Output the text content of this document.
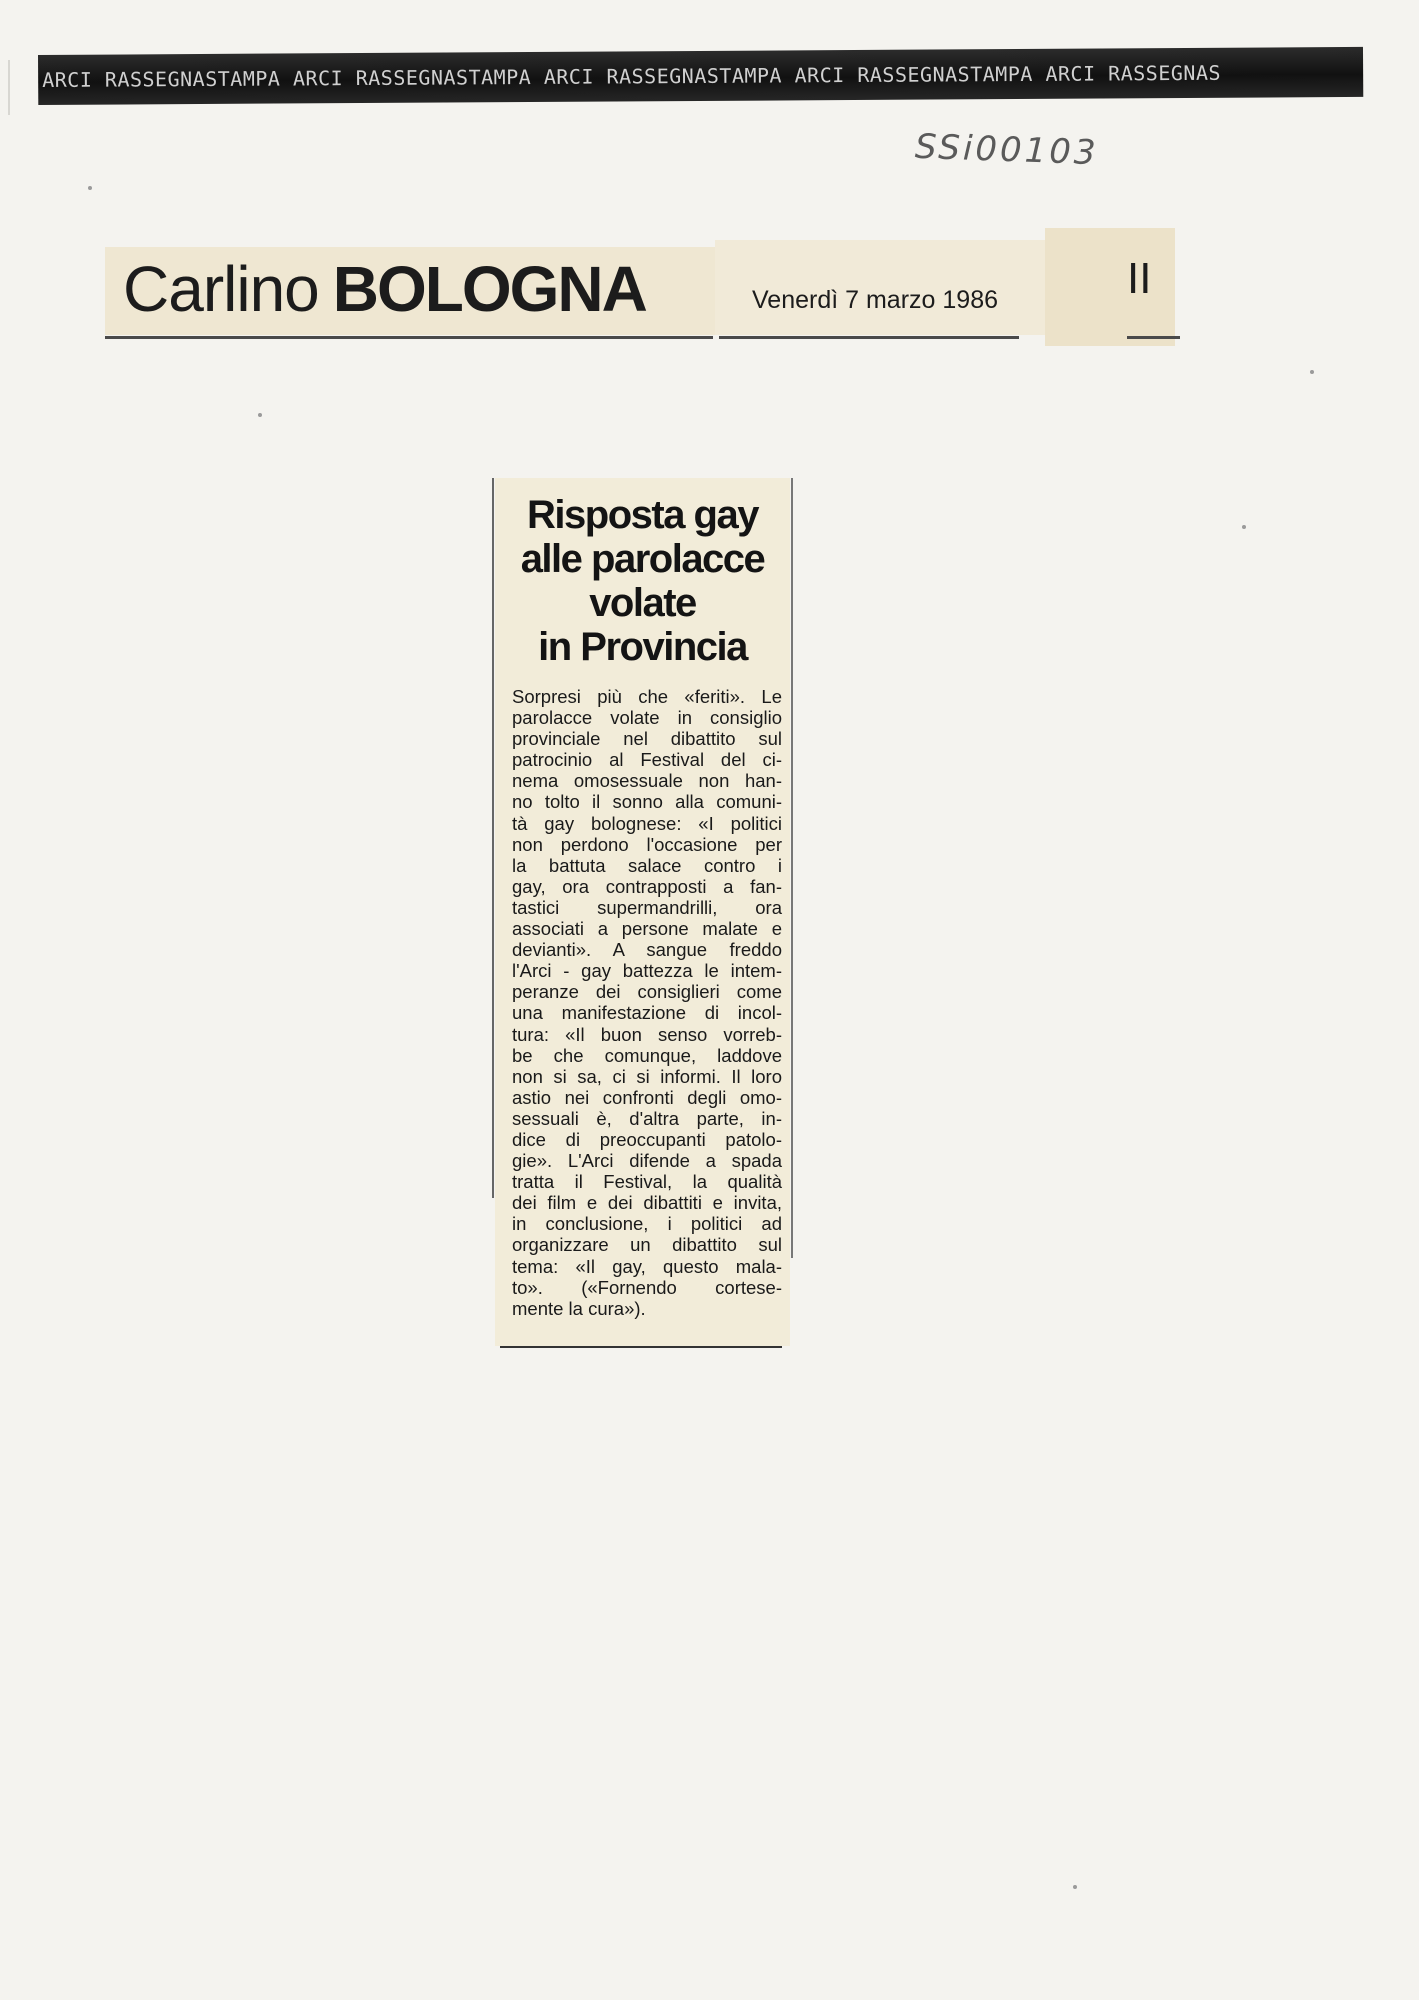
ARCI RASSEGNASTAMPA ARCI RASSEGNASTAMPA ARCI RASSEGNASTAMPA ARCI RASSEGNASTAMPA ARCI RASSEGNAS
SSi00103
Carlino BOLOGNA	Venerdì 7 marzo 1986	II
Risposta gay
alle parolacce
volate
in Provincia
Sorpresi più che «feriti». Le
parolacce volate in consiglio
provinciale nel dibattito sul
patrocinio al Festival del ci-
nema omosessuale non han-
no tolto il sonno alla comuni-
tà gay bolognese: «I politici
non perdono l'occasione per
la battuta salace contro i
gay, ora contrapposti a fan-
tastici supermandrilli, ora
associati a persone malate e
devianti». A sangue freddo
l'Arci - gay battezza le intem-
peranze dei consiglieri come
una manifestazione di incol-
tura: «Il buon senso vorreb-
be che comunque, laddove
non si sa, ci si informi. Il loro
astio nei confronti degli omo-
sessuali è, d'altra parte, in-
dice di preoccupanti patolo-
gie». L'Arci difende a spada
tratta il Festival, la qualità
dei film e dei dibattiti e invita,
in conclusione, i politici ad
organizzare un dibattito sul
tema: «Il gay, questo mala-
to». («Fornendo cortese-
mente la cura»).
